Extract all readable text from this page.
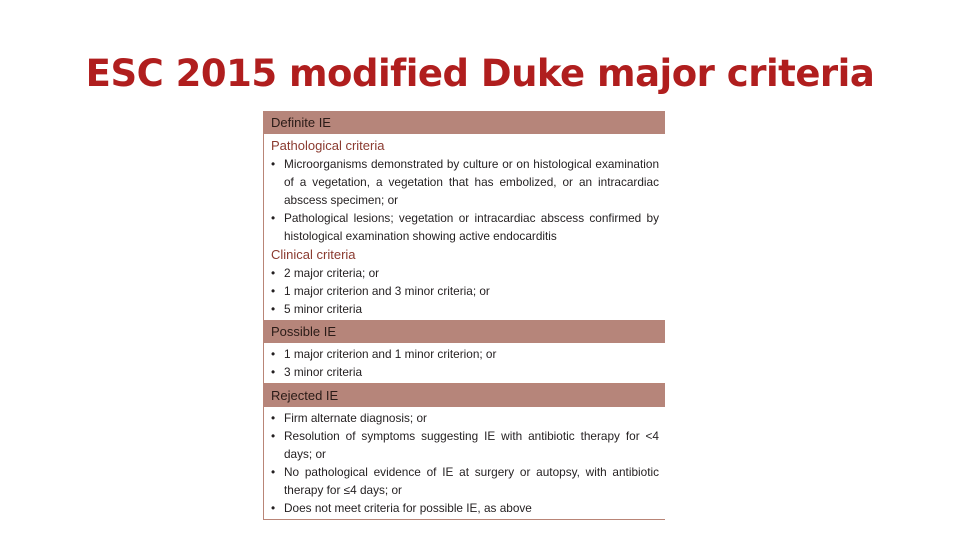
ESC 2015 modified Duke major criteria
Definite IE
Pathological criteria
• Microorganisms demonstrated by culture or on histological examination of a vegetation, a vegetation that has embolized, or an intracardiac abscess specimen; or
• Pathological lesions; vegetation or intracardiac abscess confirmed by histological examination showing active endocarditis
Clinical criteria
• 2 major criteria; or
• 1 major criterion and 3 minor criteria; or
• 5 minor criteria
Possible IE
• 1 major criterion and 1 minor criterion; or
• 3 minor criteria
Rejected IE
• Firm alternate diagnosis; or
• Resolution of symptoms suggesting IE with antibiotic therapy for <4 days; or
• No pathological evidence of IE at surgery or autopsy, with antibiotic therapy for ≤4 days; or
• Does not meet criteria for possible IE, as above
